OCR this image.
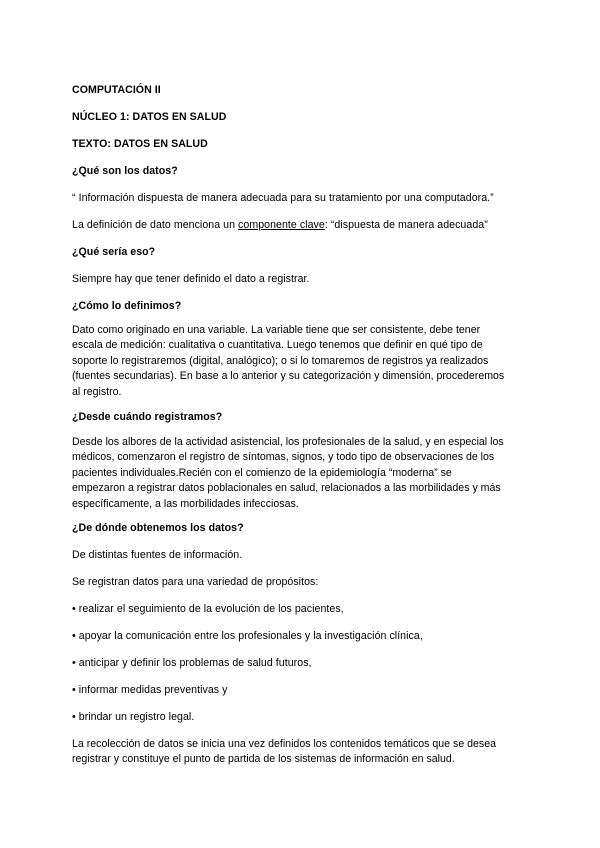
COMPUTACIÓN II
NÚCLEO 1: DATOS EN SALUD
TEXTO: DATOS EN SALUD
¿Qué son los datos?
“ Información dispuesta de manera adecuada para su tratamiento por una computadora.”
La definición de dato menciona un componente clave: “dispuesta de manera adecuada”
¿Qué sería eso?
Siempre hay que tener definido el dato a registrar.
¿Cómo lo definimos?
Dato como originado en una variable. La variable tiene que ser consistente, debe tener
escala de medición: cualitativa o cuantitativa. Luego tenemos que definir en qué tipo de
soporte lo registraremos (digital, analógico); o si lo tomaremos de registros ya realizados
(fuentes secundarias). En base a lo anterior y su categorización y dimensión, procederemos
al registro.
¿Desde cuándo registramos?
Desde los albores de la actividad asistencial, los profesionales de la salud, y en especial los
médicos, comenzaron el registro de síntomas, signos, y todo tipo de observaciones de los
pacientes individuales.Recién con el comienzo de la epidemiología “moderna” se
empezaron a registrar datos poblacionales en salud, relacionados a las morbilidades y más
específicamente, a las morbilidades infecciosas.
¿De dónde obtenemos los datos?
De distintas fuentes de información.
Se registran datos para una variedad de propósitos:
• realizar el seguimiento de la evolución de los pacientes,
• apoyar la comunicación entre los profesionales y la investigación clínica,
• anticipar y definir los problemas de salud futuros,
• informar medidas preventivas y
• brindar un registro legal.
La recolección de datos se inicia una vez definidos los contenidos temáticos que se desea
registrar y constituye el punto de partida de los sistemas de información en salud.
